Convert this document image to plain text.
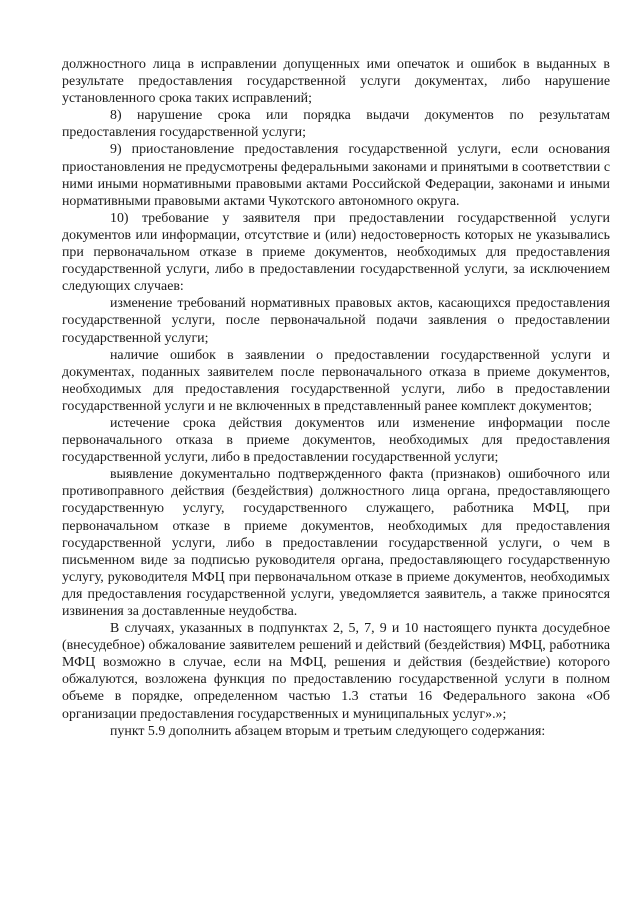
должностного лица в исправлении допущенных ими опечаток и ошибок в выданных в результате предоставления государственной услуги документах, либо нарушение установленного срока таких исправлений;

8) нарушение срока или порядка выдачи документов по результатам предоставления государственной услуги;

9) приостановление предоставления государственной услуги, если основания приостановления не предусмотрены федеральными законами и принятыми в соответствии с ними иными нормативными правовыми актами Российской Федерации, законами и иными нормативными правовыми актами Чукотского автономного округа.

10) требование у заявителя при предоставлении государственной услуги документов или информации, отсутствие и (или) недостоверность которых не указывались при первоначальном отказе в приеме документов, необходимых для предоставления государственной услуги, либо в предоставлении государственной услуги, за исключением следующих случаев:

изменение требований нормативных правовых актов, касающихся предоставления государственной услуги, после первоначальной подачи заявления о предоставлении государственной услуги;

наличие ошибок в заявлении о предоставлении государственной услуги и документах, поданных заявителем после первоначального отказа в приеме документов, необходимых для предоставления государственной услуги, либо в предоставлении государственной услуги и не включенных в представленный ранее комплект документов;

истечение срока действия документов или изменение информации после первоначального отказа в приеме документов, необходимых для предоставления государственной услуги, либо в предоставлении государственной услуги;

выявление документально подтвержденного факта (признаков) ошибочного или противоправного действия (бездействия) должностного лица органа, предоставляющего государственную услугу, государственного служащего, работника МФЦ, при первоначальном отказе в приеме документов, необходимых для предоставления государственной услуги, либо в предоставлении государственной услуги, о чем в письменном виде за подписью руководителя органа, предоставляющего государственную услугу, руководителя МФЦ при первоначальном отказе в приеме документов, необходимых для предоставления государственной услуги, уведомляется заявитель, а также приносятся извинения за доставленные неудобства.

В случаях, указанных в подпунктах 2, 5, 7, 9 и 10 настоящего пункта досудебное (внесудебное) обжалование заявителем решений и действий (бездействия) МФЦ, работника МФЦ возможно в случае, если на МФЦ, решения и действия (бездействие) которого обжалуются, возложена функция по предоставлению государственной услуги в полном объеме в порядке, определенном частью 1.3 статьи 16 Федерального закона «Об организации предоставления государственных и муниципальных услуг».»;

пункт 5.9 дополнить абзацем вторым и третьим следующего содержания:
